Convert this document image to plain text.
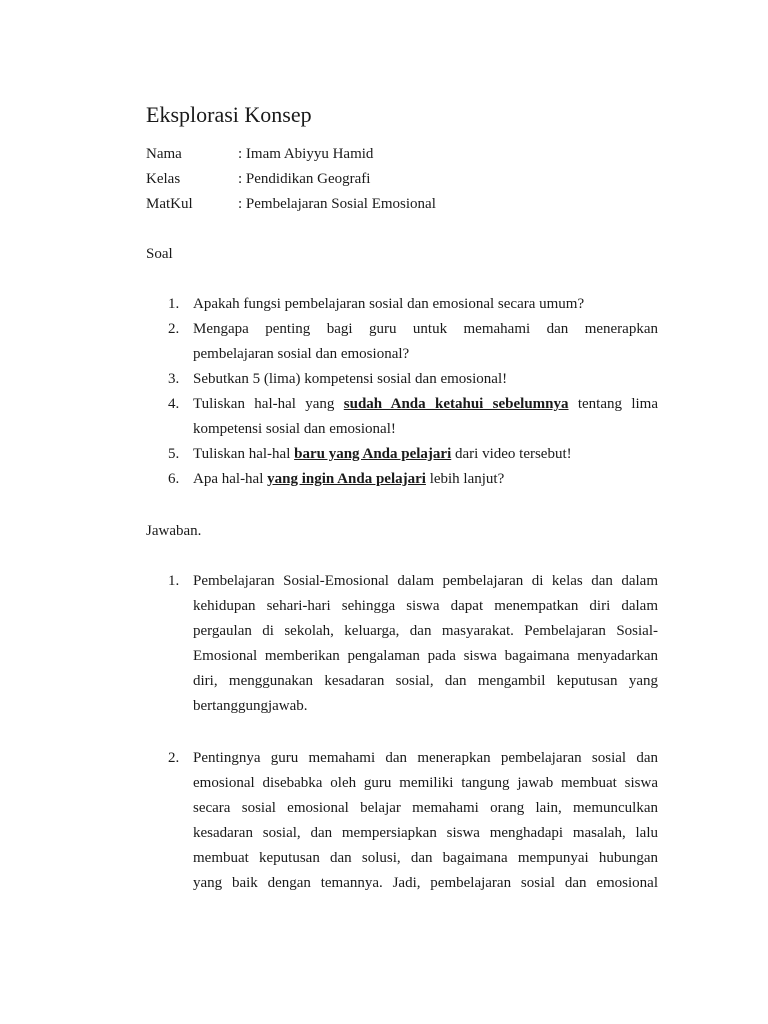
Eksplorasi Konsep
Nama	: Imam Abiyyu Hamid
Kelas	: Pendidikan Geografi
MatKul	: Pembelajaran Sosial Emosional
Soal
1. Apakah fungsi pembelajaran sosial dan emosional secara umum?
2. Mengapa penting bagi guru untuk memahami dan menerapkan
pembelajaran sosial dan emosional?
3. Sebutkan 5 (lima) kompetensi sosial dan emosional!
4. Tuliskan hal-hal yang sudah Anda ketahui sebelumnya tentang lima
kompetensi sosial dan emosional!
5. Tuliskan hal-hal baru yang Anda pelajari dari video tersebut!
6. Apa hal-hal yang ingin Anda pelajari lebih lanjut?
Jawaban.
1. Pembelajaran Sosial-Emosional dalam pembelajaran di kelas dan dalam
kehidupan sehari-hari sehingga siswa dapat menempatkan diri dalam
pergaulan di sekolah, keluarga, dan masyarakat. Pembelajaran Sosial-
Emosional memberikan pengalaman pada siswa bagaimana menyadarkan
diri, menggunakan kesadaran sosial, dan mengambil keputusan yang
bertanggungjawab.
2. Pentingnya guru memahami dan menerapkan pembelajaran sosial dan
emosional disebabka oleh guru memiliki tangung jawab membuat siswa
secara sosial emosional belajar memahami orang lain, memunculkan
kesadaran sosial, dan mempersiapkan siswa menghadapi masalah, lalu
membuat keputusan dan solusi, dan bagaimana mempunyai hubungan
yang baik dengan temannya. Jadi, pembelajaran sosial dan emosional
